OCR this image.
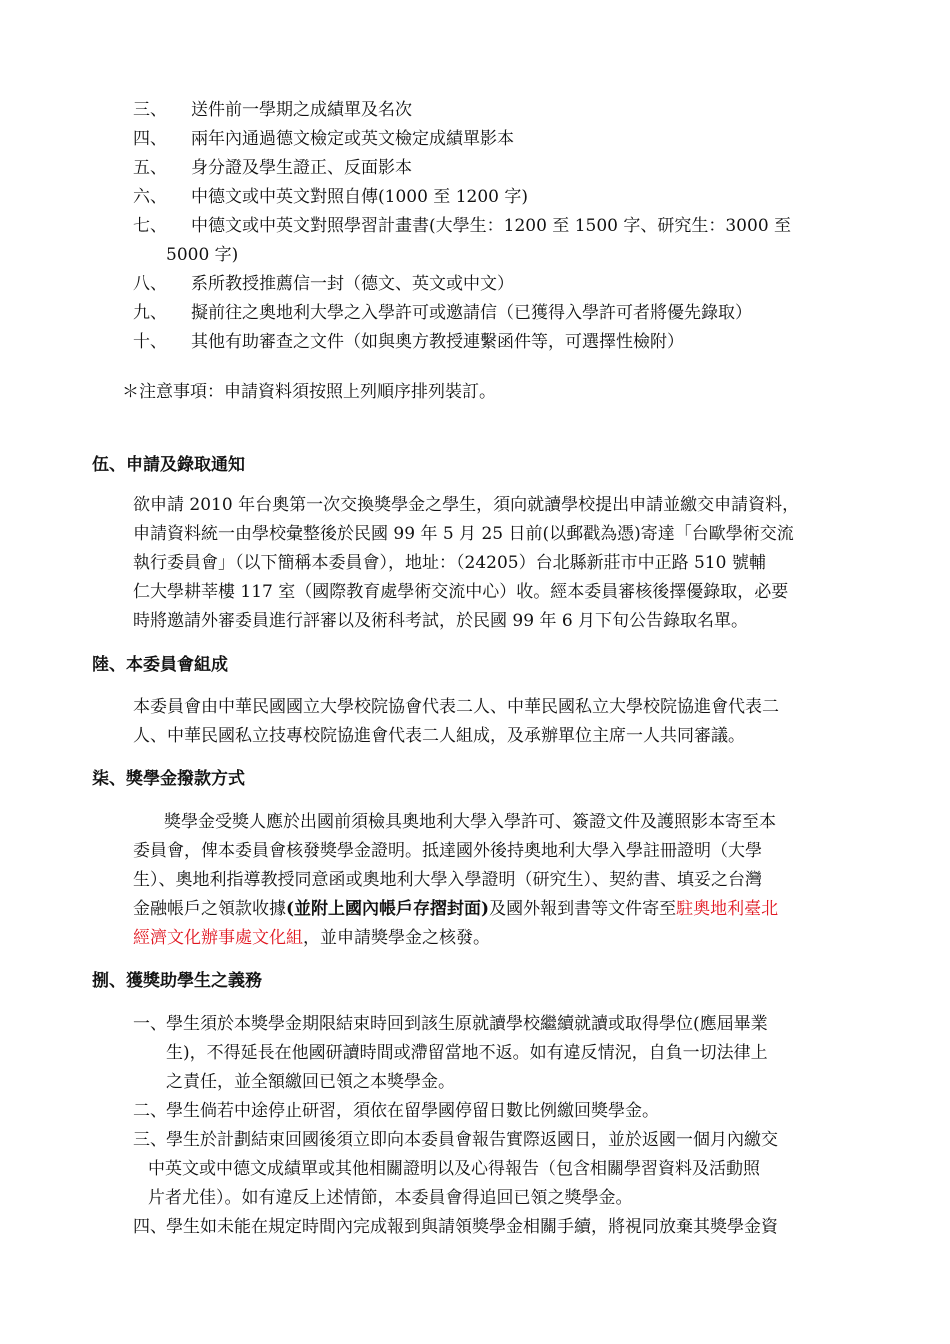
三、 送件前一學期之成績單及名次
四、 兩年內通過德文檢定或英文檢定成績單影本
五、 身分證及學生證正、反面影本
六、 中德文或中英文對照自傳(1000 至 1200 字)
七、 中德文或中英文對照學習計畫書(大學生：1200 至 1500 字、研究生：3000 至
5000 字)
八、 系所教授推薦信一封（德文、英文或中文）
九、 擬前往之奧地利大學之入學許可或邀請信（已獲得入學許可者將優先錄取）
十、 其他有助審查之文件（如與奧方教授連繫函件等，可選擇性檢附）
＊注意事項：申請資料須按照上列順序排列裝訂。
伍、申請及錄取通知
欲申請 2010 年台奧第一次交換獎學金之學生，須向就讀學校提出申請並繳交申請資料，
申請資料統一由學校彙整後於民國 99 年 5 月 25 日前(以郵戳為憑)寄達「台歐學術交流
執行委員會」（以下簡稱本委員會），地址：（24205）台北縣新莊市中正路 510 號輔
仁大學耕莘樓 117 室（國際教育處學術交流中心）收。經本委員審核後擇優錄取，必要
時將邀請外審委員進行評審以及術科考試，於民國 99 年 6 月下旬公告錄取名單。
陸、本委員會組成
本委員會由中華民國國立大學校院協會代表二人、中華民國私立大學校院協進會代表二
人、中華民國私立技專校院協進會代表二人組成，及承辦單位主席一人共同審議。
柒、獎學金撥款方式
獎學金受獎人應於出國前須檢具奧地利大學入學許可、簽證文件及護照影本寄至本
委員會，俾本委員會核發獎學金證明。抵達國外後持奧地利大學入學註冊證明（大學
生）、奧地利指導教授同意函或奧地利大學入學證明（研究生）、契約書、填妥之台灣
金融帳戶之領款收據(並附上國內帳戶存摺封面)及國外報到書等文件寄至駐奧地利臺北
經濟文化辦事處文化組，並申請獎學金之核發。
捌、獲獎助學生之義務
一、 學生須於本獎學金期限結束時回到該生原就讀學校繼續就讀或取得學位(應屆畢業
生)，不得延長在他國研讀時間或滯留當地不返。如有違反情況，自負一切法律上
之責任，並全額繳回已領之本獎學金。
二、 學生倘若中途停止研習，須依在留學國停留日數比例繳回獎學金。
三、 學生於計劃結束回國後須立即向本委員會報告實際返國日，並於返國一個月內繳交
中英文或中德文成績單或其他相關證明以及心得報告（包含相關學習資料及活動照
片者尤佳）。如有違反上述情節，本委員會得追回已領之獎學金。
四、 學生如未能在規定時間內完成報到與請領獎學金相關手續，將視同放棄其獎學金資
